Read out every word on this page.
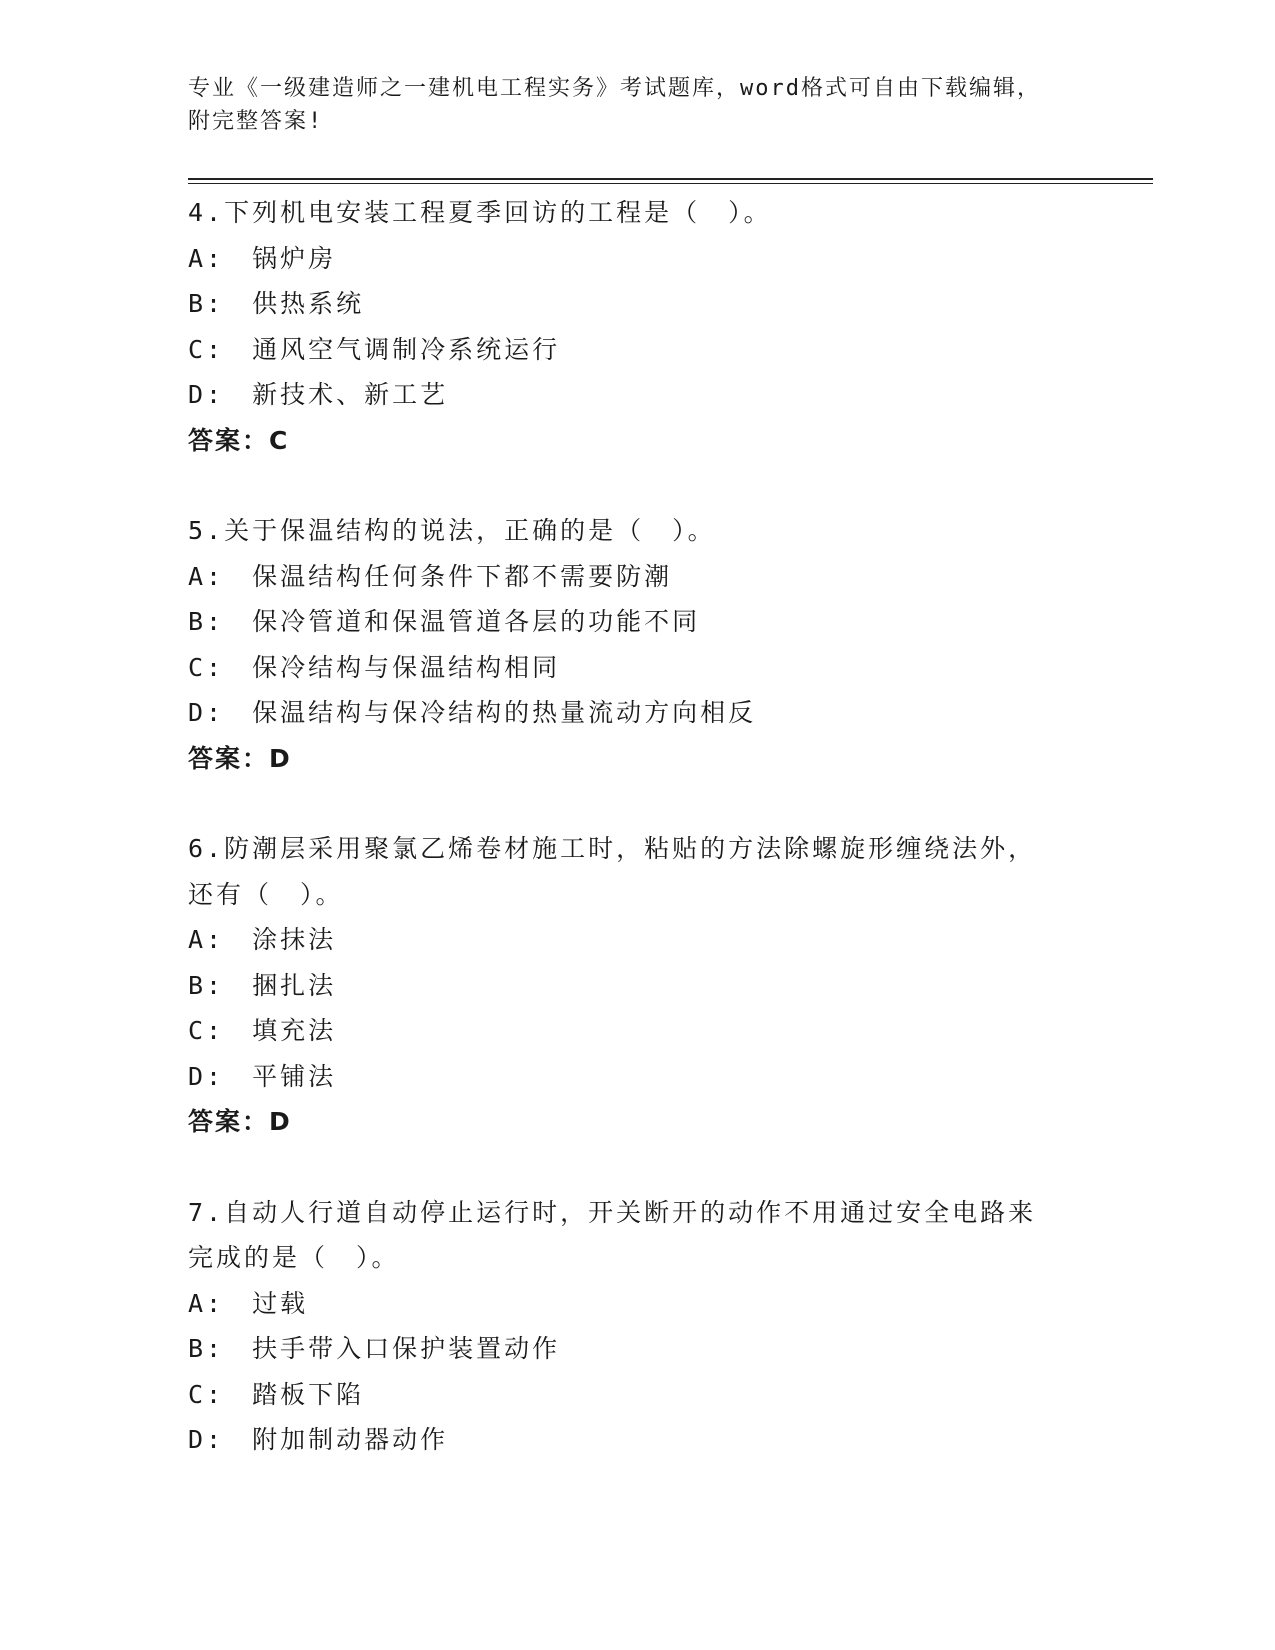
专业《一级建造师之一建机电工程实务》考试题库，word格式可自由下载编辑，

附完整答案!

4.下列机电安装工程夏季回访的工程是（　）。

A:　锅炉房

B:　供热系统

C:　通风空气调制冷系统运行

D:　新技术、新工艺

答案：C

5.关于保温结构的说法，正确的是（　）。

A:　保温结构任何条件下都不需要防潮

B:　保冷管道和保温管道各层的功能不同

C:　保冷结构与保温结构相同

D:　保温结构与保冷结构的热量流动方向相反

答案：D

6.防潮层采用聚氯乙烯卷材施工时，粘贴的方法除螺旋形缠绕法外，

还有（　）。

A:　涂抹法

B:　捆扎法

C:　填充法

D:　平铺法

答案：D

7.自动人行道自动停止运行时，开关断开的动作不用通过安全电路来

完成的是（　）。

A:　过载

B:　扶手带入口保护装置动作

C:　踏板下陷

D:　附加制动器动作
